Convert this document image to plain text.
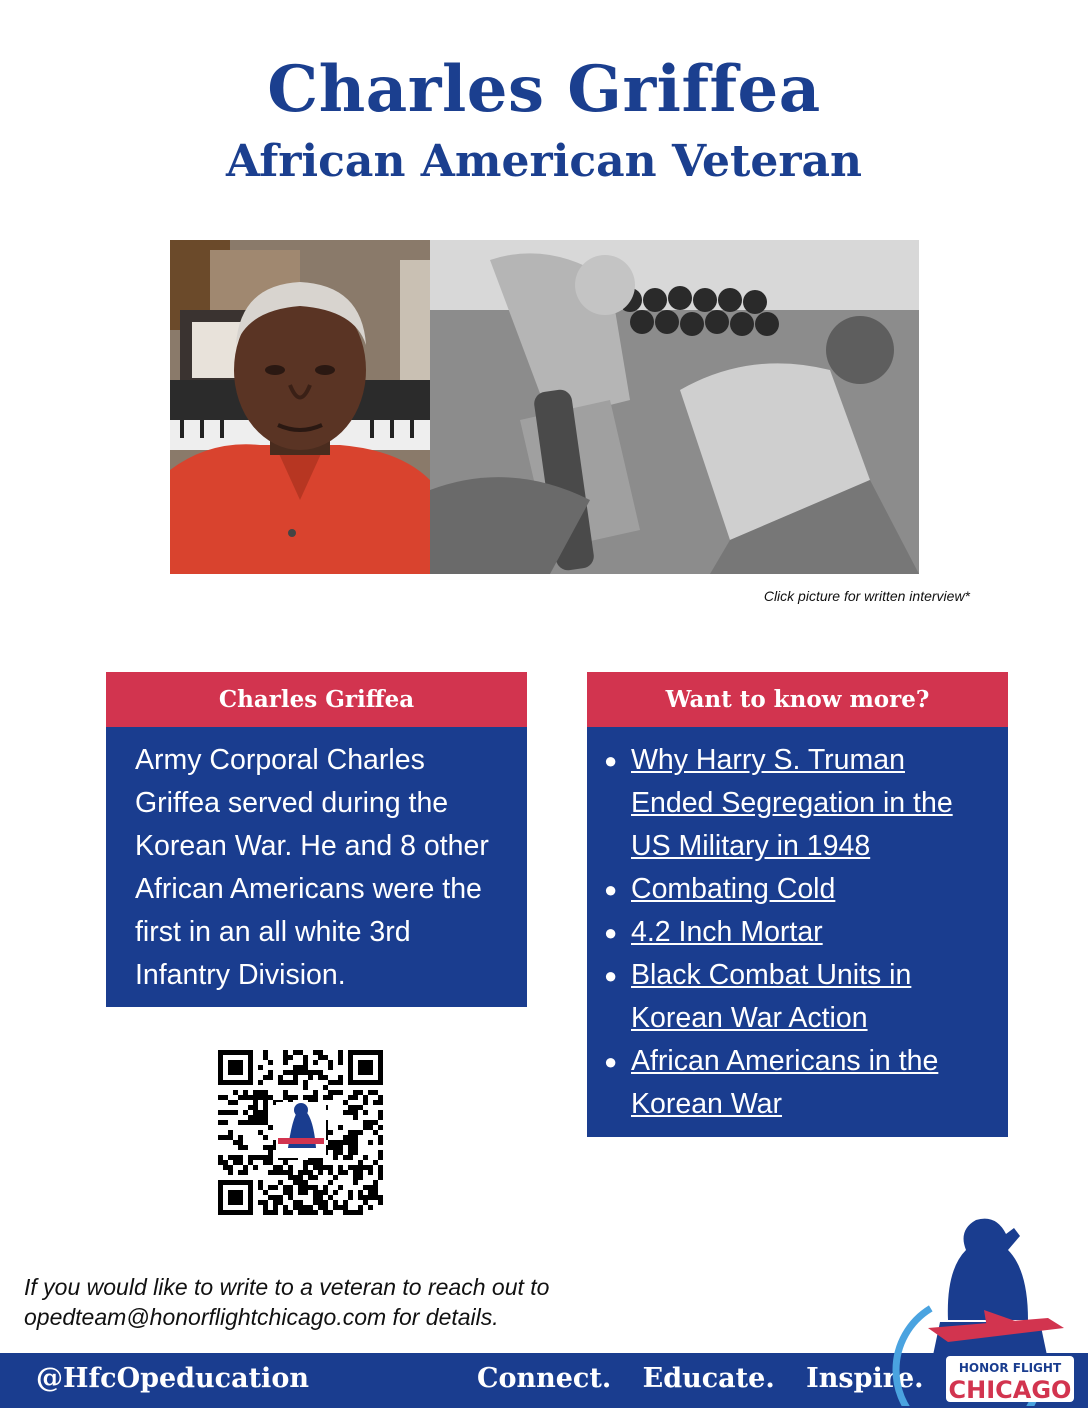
Charles Griffea
African American Veteran
Click picture for written interview*
Charles Griffea
Army Corporal Charles Griffea served during the Korean War. He and 8 other African Americans were the first in an all white 3rd Infantry Division.
Want to know more?
● Why Harry S. Truman Ended Segregation in the US Military in 1948
● Combating Cold
● 4.2 Inch Mortar
● Black Combat Units in Korean War Action
● African Americans in the Korean War
If you would like to write to a veteran to reach out to opedteam@honorflightchicago.com for details.
@HfcOpeducation	Connect. Educate. Inspire.	HONOR FLIGHT
CHICAGO
